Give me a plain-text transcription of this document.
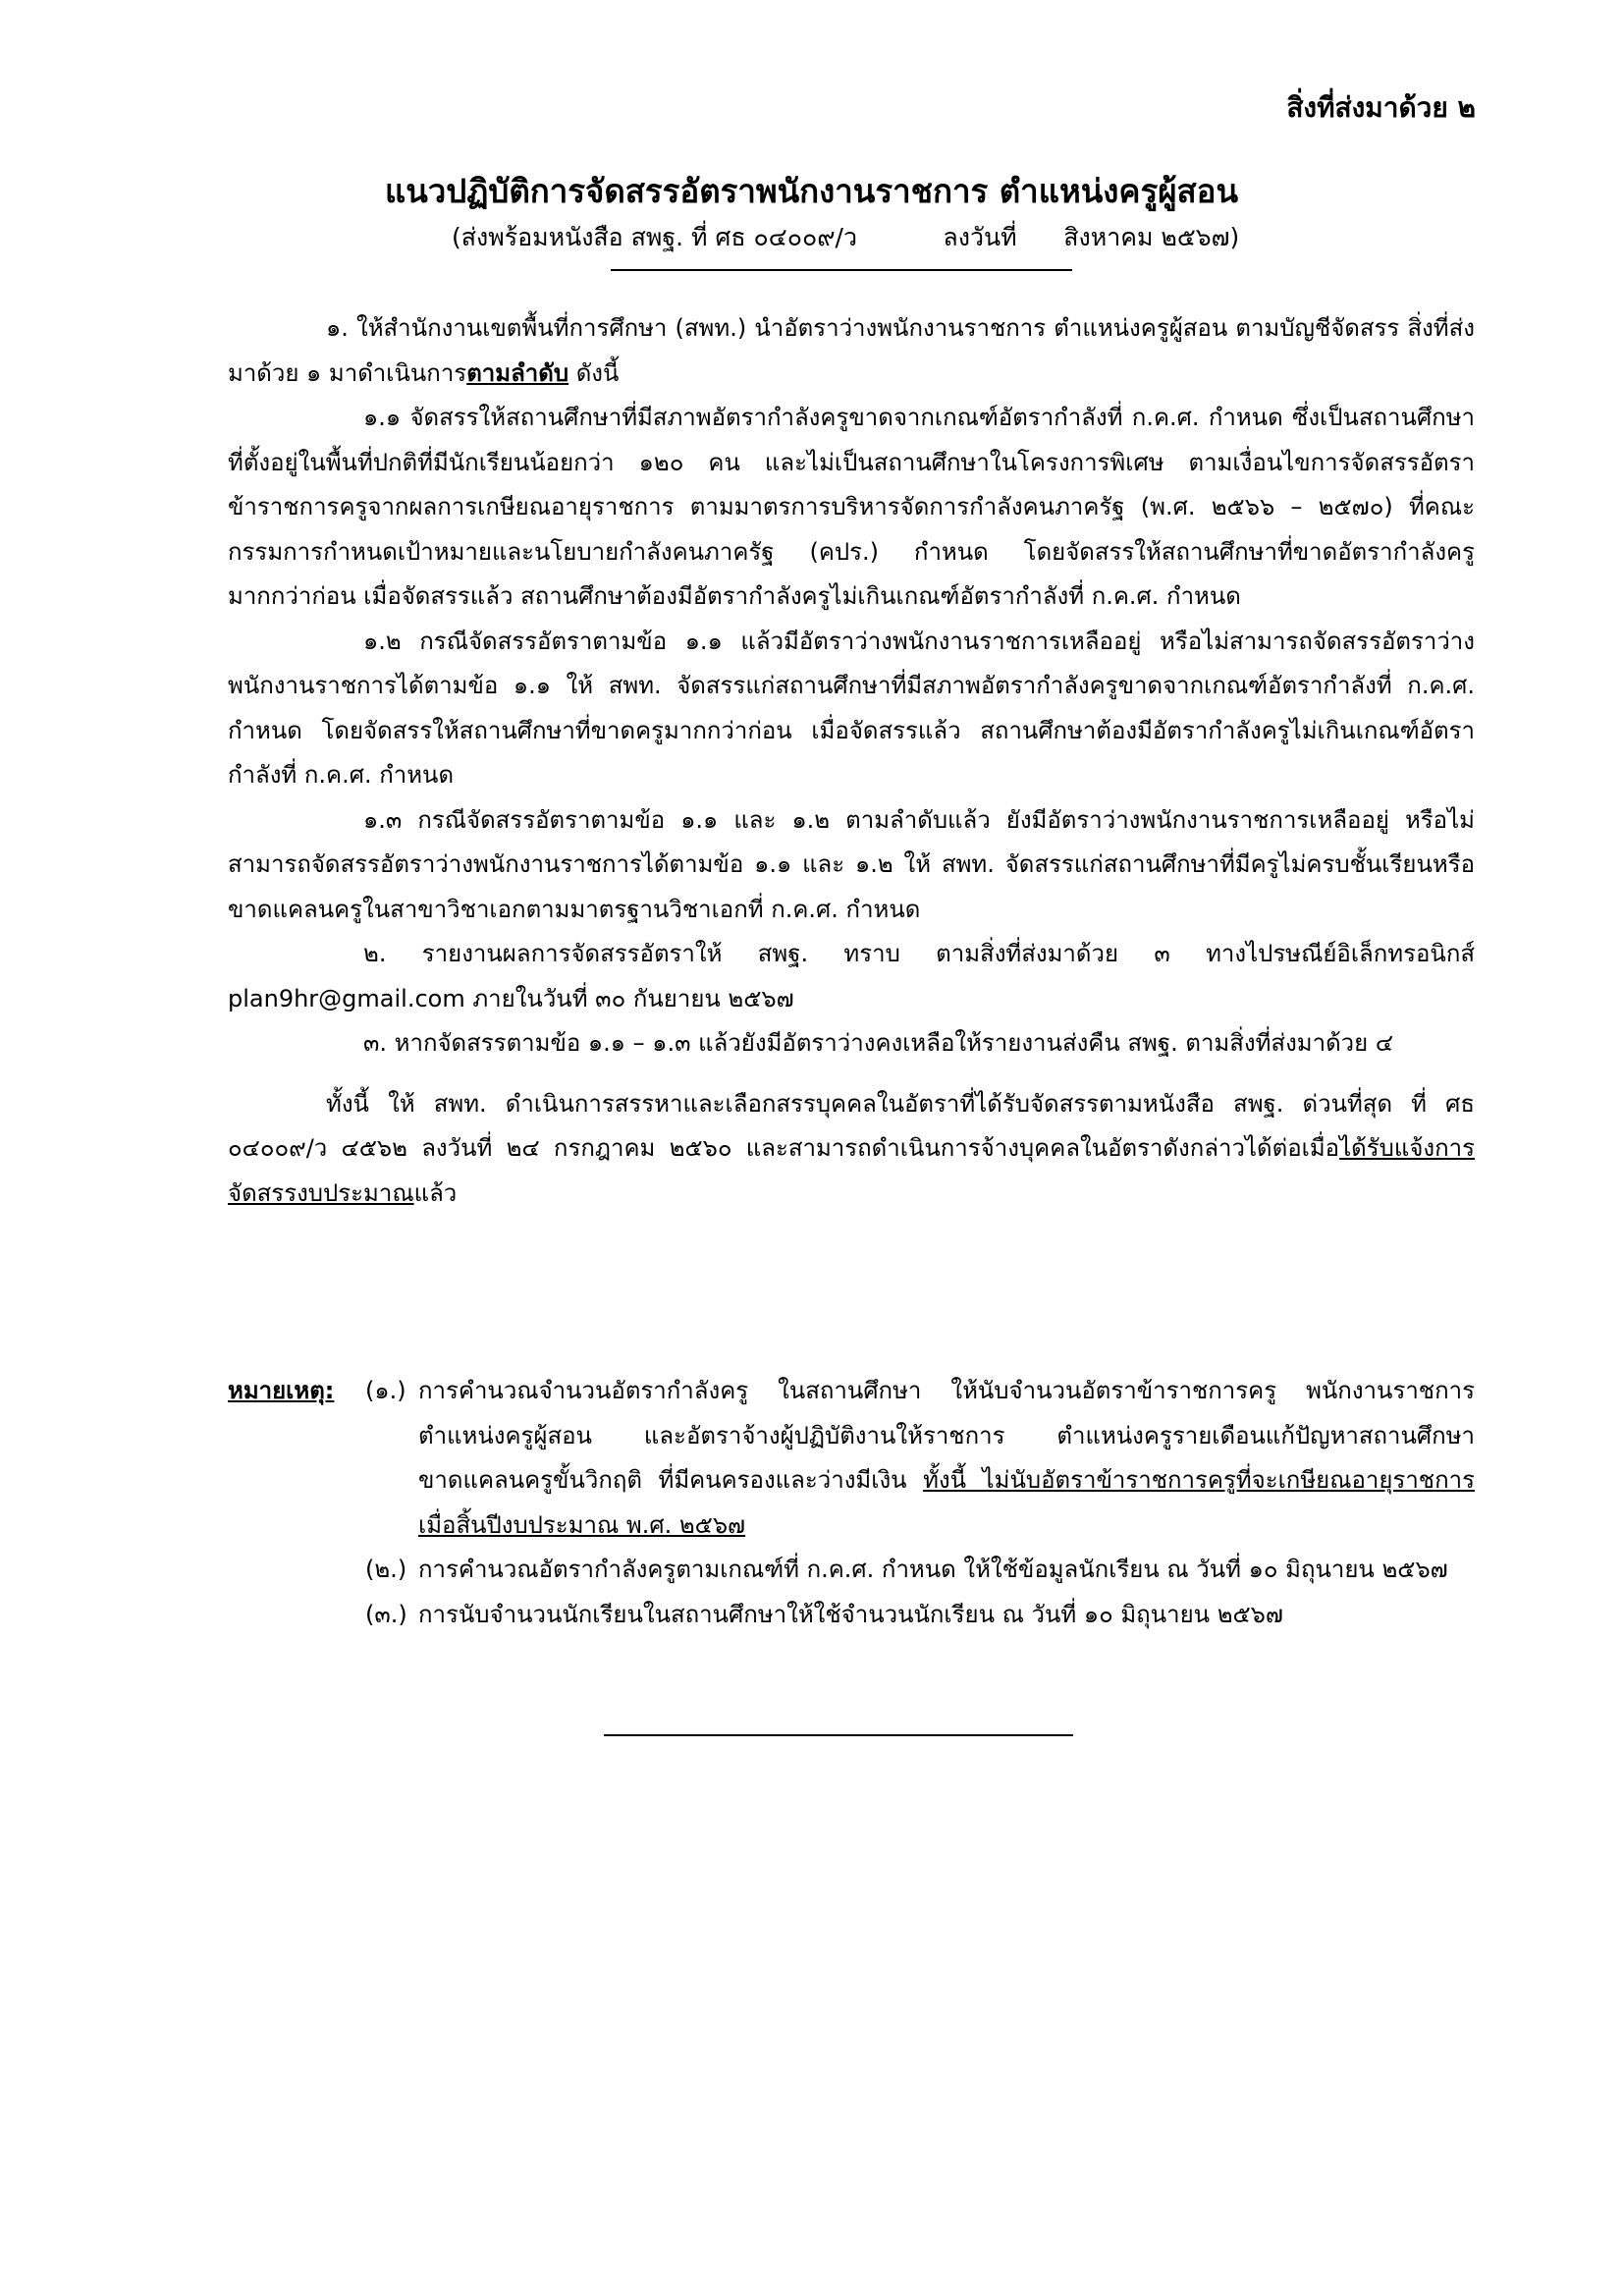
สิ่งที่ส่งมาด้วย ๒
แนวปฏิบัติการจัดสรรอัตราพนักงานราชการ ตำแหน่งครูผู้สอน
(ส่งพร้อมหนังสือ สพฐ. ที่ ศธ ๐๔๐๐๙/ว           ลงวันที่      สิงหาคม ๒๕๖๗)

๑. ให้สำนักงานเขตพื้นที่การศึกษา (สพท.) นำอัตราว่างพนักงานราชการ ตำแหน่งครูผู้สอน ตามบัญชีจัดสรร สิ่งที่ส่งมาด้วย ๑ มาดำเนินการตามลำดับ ดังนี้

๑.๑ จัดสรรให้สถานศึกษาที่มีสภาพอัตรากำลังครูขาดจากเกณฑ์อัตรากำลังที่ ก.ค.ศ. กำหนด ซึ่งเป็นสถานศึกษาที่ตั้งอยู่ในพื้นที่ปกติที่มีนักเรียนน้อยกว่า ๑๒๐ คน และไม่เป็นสถานศึกษาในโครงการพิเศษ ตามเงื่อนไขการจัดสรรอัตราข้าราชการครูจากผลการเกษียณอายุราชการ ตามมาตรการบริหารจัดการกำลังคนภาครัฐ (พ.ศ. ๒๕๖๖ – ๒๕๗๐) ที่คณะกรรมการกำหนดเป้าหมายและนโยบายกำลังคนภาครัฐ (คปร.) กำหนด โดยจัดสรรให้สถานศึกษาที่ขาดอัตรากำลังครูมากกว่าก่อน เมื่อจัดสรรแล้ว สถานศึกษาต้องมีอัตรากำลังครูไม่เกินเกณฑ์อัตรากำลังที่ ก.ค.ศ. กำหนด

๑.๒ กรณีจัดสรรอัตราตามข้อ ๑.๑ แล้วมีอัตราว่างพนักงานราชการเหลืออยู่ หรือไม่สามารถจัดสรรอัตราว่างพนักงานราชการได้ตามข้อ ๑.๑ ให้ สพท. จัดสรรแก่สถานศึกษาที่มีสภาพอัตรากำลังครูขาดจากเกณฑ์อัตรากำลังที่ ก.ค.ศ. กำหนด โดยจัดสรรให้สถานศึกษาที่ขาดครูมากกว่าก่อน เมื่อจัดสรรแล้ว สถานศึกษาต้องมีอัตรากำลังครูไม่เกินเกณฑ์อัตรากำลังที่ ก.ค.ศ. กำหนด

๑.๓ กรณีจัดสรรอัตราตามข้อ ๑.๑ และ ๑.๒ ตามลำดับแล้ว ยังมีอัตราว่างพนักงานราชการเหลืออยู่ หรือไม่สามารถจัดสรรอัตราว่างพนักงานราชการได้ตามข้อ ๑.๑ และ ๑.๒ ให้ สพท. จัดสรรแก่สถานศึกษาที่มีครูไม่ครบชั้นเรียนหรือขาดแคลนครูในสาขาวิชาเอกตามมาตรฐานวิชาเอกที่ ก.ค.ศ. กำหนด

๒. รายงานผลการจัดสรรอัตราให้ สพฐ. ทราบ ตามสิ่งที่ส่งมาด้วย ๓ ทางไปรษณีย์อิเล็กทรอนิกส์ plan9hr@gmail.com ภายในวันที่ ๓๐ กันยายน ๒๕๖๗

๓. หากจัดสรรตามข้อ ๑.๑ – ๑.๓ แล้วยังมีอัตราว่างคงเหลือให้รายงานส่งคืน สพฐ. ตามสิ่งที่ส่งมาด้วย ๔

ทั้งนี้ ให้ สพท. ดำเนินการสรรหาและเลือกสรรบุคคลในอัตราที่ได้รับจัดสรรตามหนังสือ สพฐ. ด่วนที่สุด ที่ ศธ ๐๔๐๐๙/ว ๔๕๖๒ ลงวันที่ ๒๔ กรกฎาคม ๒๕๖๐ และสามารถดำเนินการจ้างบุคคลในอัตราดังกล่าวได้ต่อเมื่อได้รับแจ้งการจัดสรรงบประมาณแล้ว

หมายเหตุ:	(๑.) การคำนวณจำนวนอัตรากำลังครู ในสถานศึกษา ให้นับจำนวนอัตราข้าราชการครู พนักงานราชการ ตำแหน่งครูผู้สอน และอัตราจ้างผู้ปฏิบัติงานให้ราชการ ตำแหน่งครูรายเดือนแก้ปัญหาสถานศึกษาขาดแคลนครูขั้นวิกฤติ ที่มีคนครองและว่างมีเงิน ทั้งนี้ ไม่นับอัตราข้าราชการครูที่จะเกษียณอายุราชการ เมื่อสิ้นปีงบประมาณ พ.ศ. ๒๕๖๗
(๒.) การคำนวณอัตรากำลังครูตามเกณฑ์ที่ ก.ค.ศ. กำหนด ให้ใช้ข้อมูลนักเรียน ณ วันที่ ๑๐ มิถุนายน ๒๕๖๗
(๓.) การนับจำนวนนักเรียนในสถานศึกษาให้ใช้จำนวนนักเรียน ณ วันที่ ๑๐ มิถุนายน ๒๕๖๗
